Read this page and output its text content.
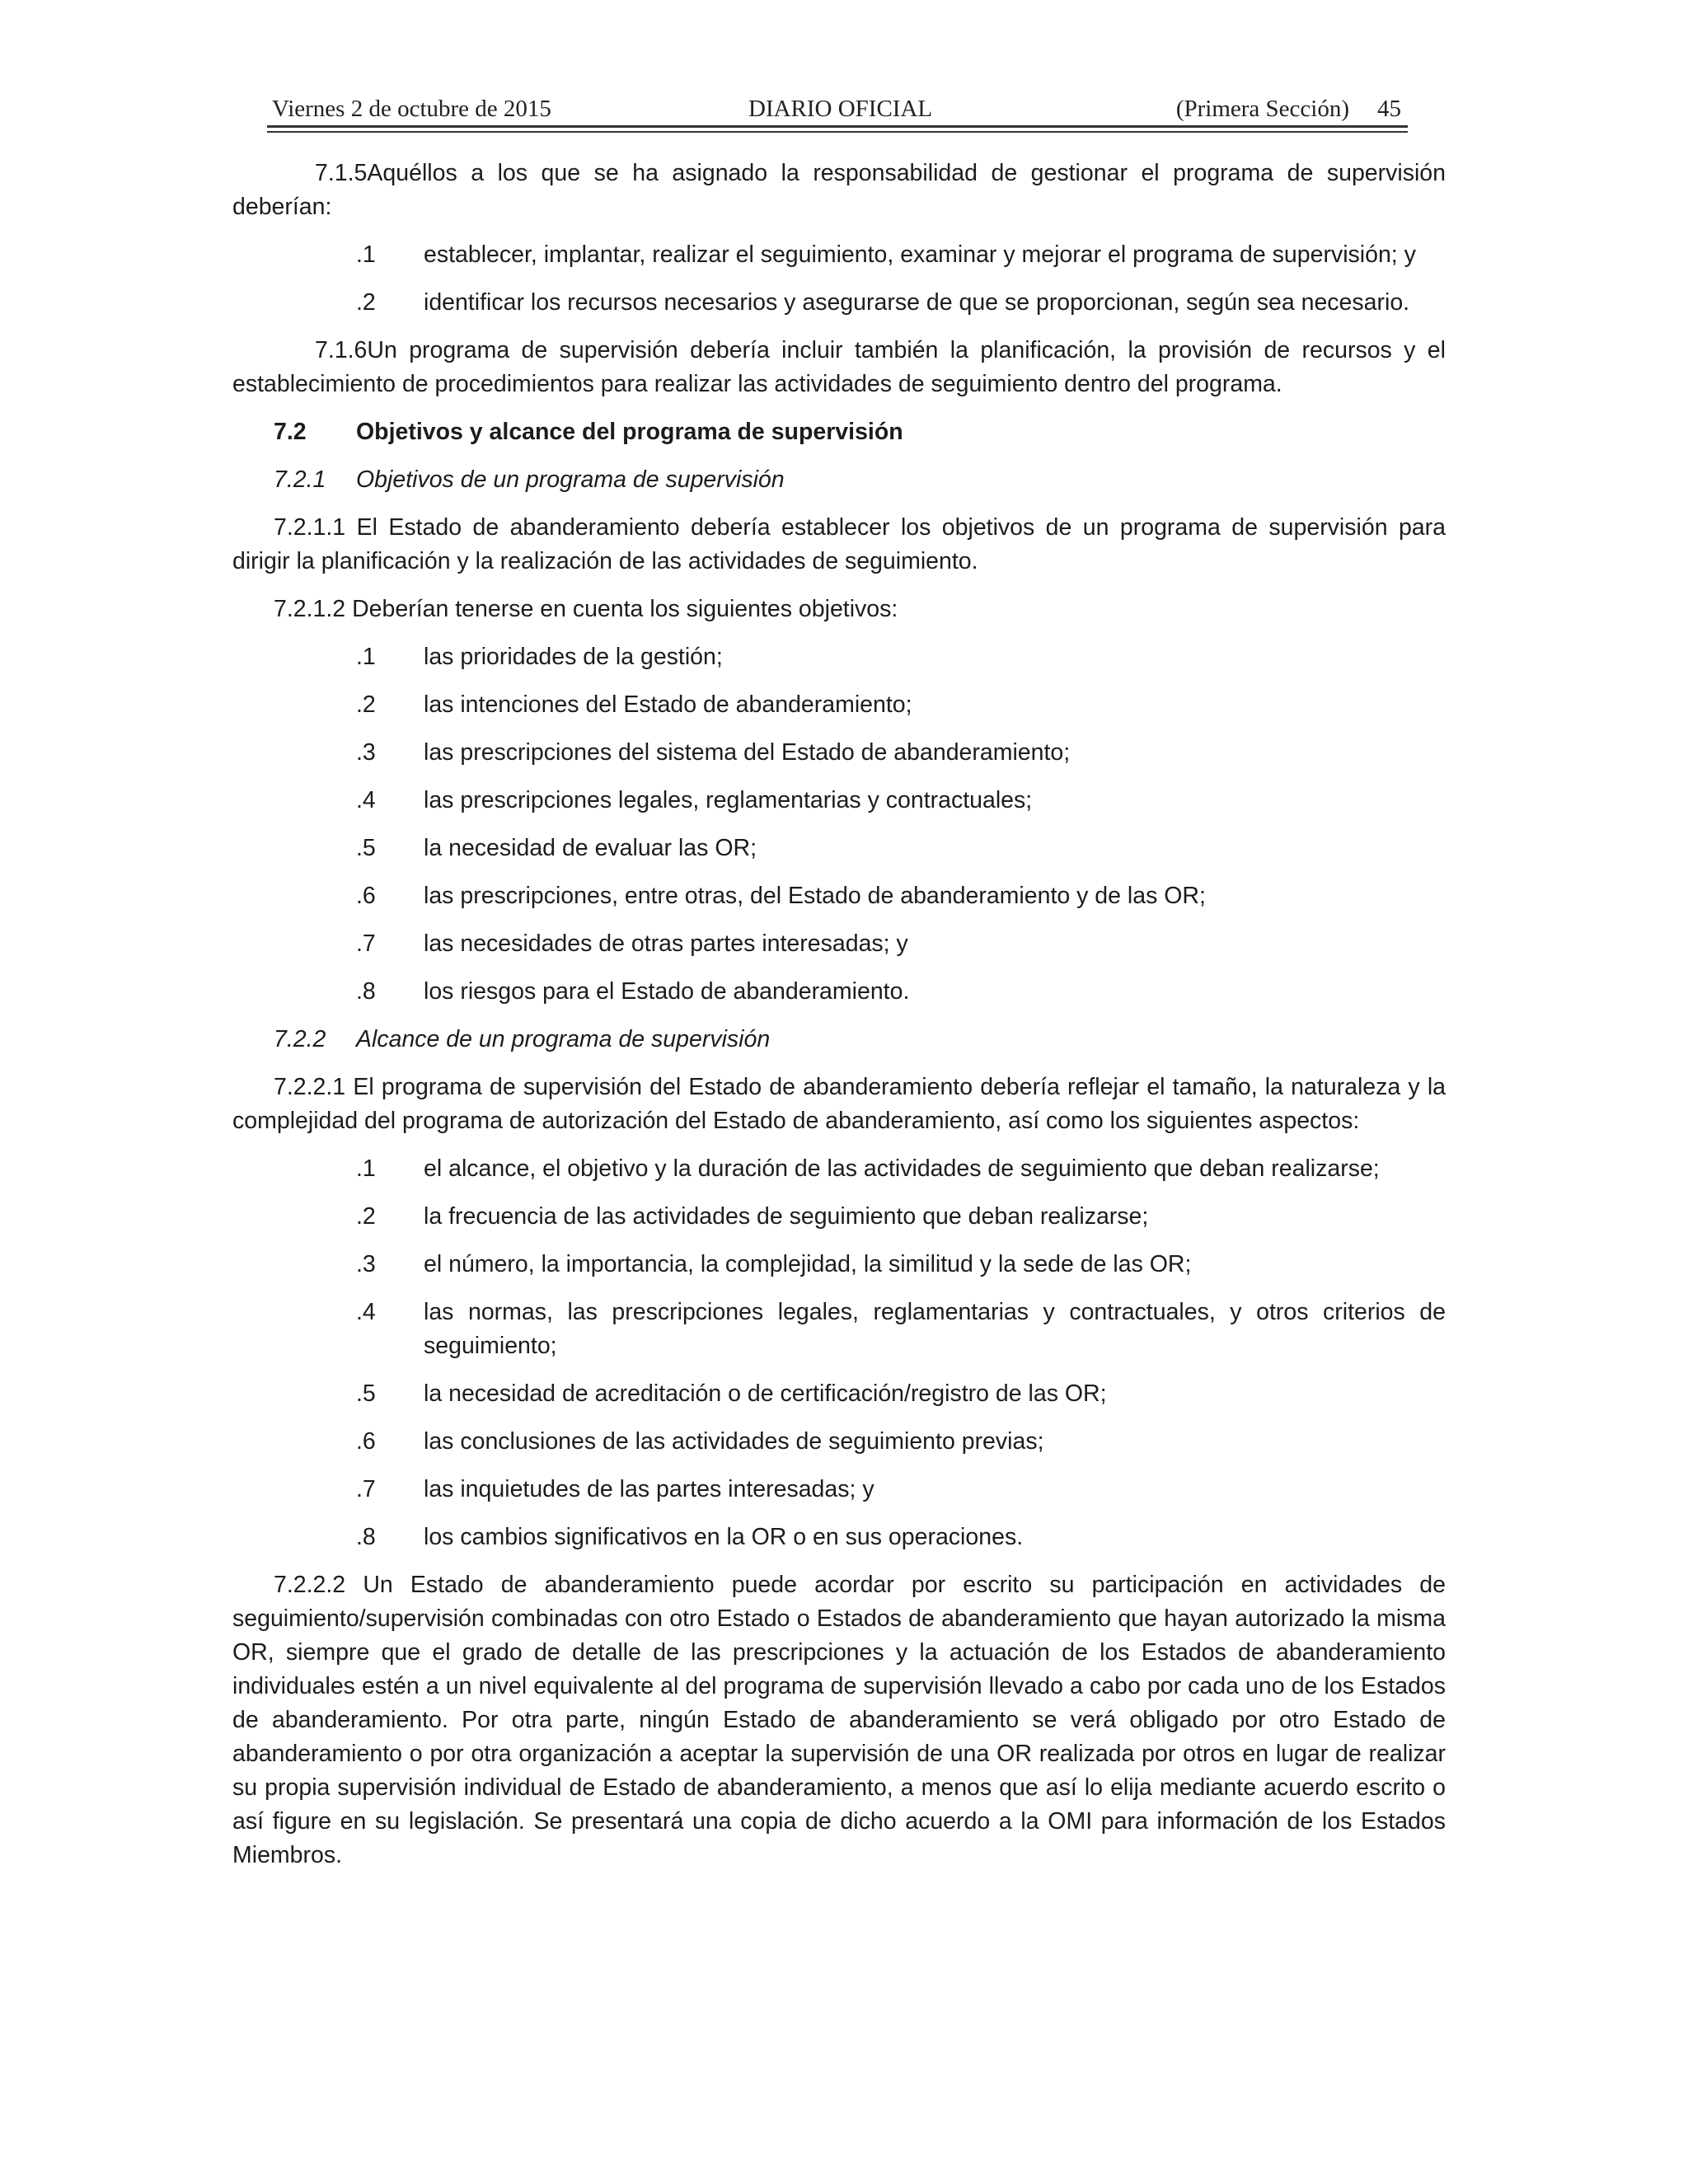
Viernes 2 de octubre de 2015	DIARIO OFICIAL	(Primera Sección) 45

7.1.5Aquéllos a los que se ha asignado la responsabilidad de gestionar el programa de supervisión deberían:

.1	establecer, implantar, realizar el seguimiento, examinar y mejorar el programa de supervisión; y
.2	identificar los recursos necesarios y asegurarse de que se proporcionan, según sea necesario.

7.1.6Un programa de supervisión debería incluir también la planificación, la provisión de recursos y el establecimiento de procedimientos para realizar las actividades de seguimiento dentro del programa.

7.2 Objetivos y alcance del programa de supervisión
7.2.1 Objetivos de un programa de supervisión

7.2.1.1 El Estado de abanderamiento debería establecer los objetivos de un programa de supervisión para dirigir la planificación y la realización de las actividades de seguimiento.

7.2.1.2 Deberían tenerse en cuenta los siguientes objetivos:

.1	las prioridades de la gestión;
.2	las intenciones del Estado de abanderamiento;
.3	las prescripciones del sistema del Estado de abanderamiento;
.4	las prescripciones legales, reglamentarias y contractuales;
.5	la necesidad de evaluar las OR;
.6	las prescripciones, entre otras, del Estado de abanderamiento y de las OR;
.7	las necesidades de otras partes interesadas; y
.8	los riesgos para el Estado de abanderamiento.
7.2.2 Alcance de un programa de supervisión

7.2.2.1 El programa de supervisión del Estado de abanderamiento debería reflejar el tamaño, la naturaleza y la complejidad del programa de autorización del Estado de abanderamiento, así como los siguientes aspectos:

.1	el alcance, el objetivo y la duración de las actividades de seguimiento que deban realizarse;
.2	la frecuencia de las actividades de seguimiento que deban realizarse;
.3	el número, la importancia, la complejidad, la similitud y la sede de las OR;
.4	las normas, las prescripciones legales, reglamentarias y contractuales, y otros criterios de seguimiento;
.5	la necesidad de acreditación o de certificación/registro de las OR;
.6	las conclusiones de las actividades de seguimiento previas;
.7	las inquietudes de las partes interesadas; y
.8	los cambios significativos en la OR o en sus operaciones.

7.2.2.2 Un Estado de abanderamiento puede acordar por escrito su participación en actividades de seguimiento/supervisión combinadas con otro Estado o Estados de abanderamiento que hayan autorizado la misma OR, siempre que el grado de detalle de las prescripciones y la actuación de los Estados de abanderamiento individuales estén a un nivel equivalente al del programa de supervisión llevado a cabo por cada uno de los Estados de abanderamiento. Por otra parte, ningún Estado de abanderamiento se verá obligado por otro Estado de abanderamiento o por otra organización a aceptar la supervisión de una OR realizada por otros en lugar de realizar su propia supervisión individual de Estado de abanderamiento, a menos que así lo elija mediante acuerdo escrito o así figure en su legislación. Se presentará una copia de dicho acuerdo a la OMI para información de los Estados Miembros.
